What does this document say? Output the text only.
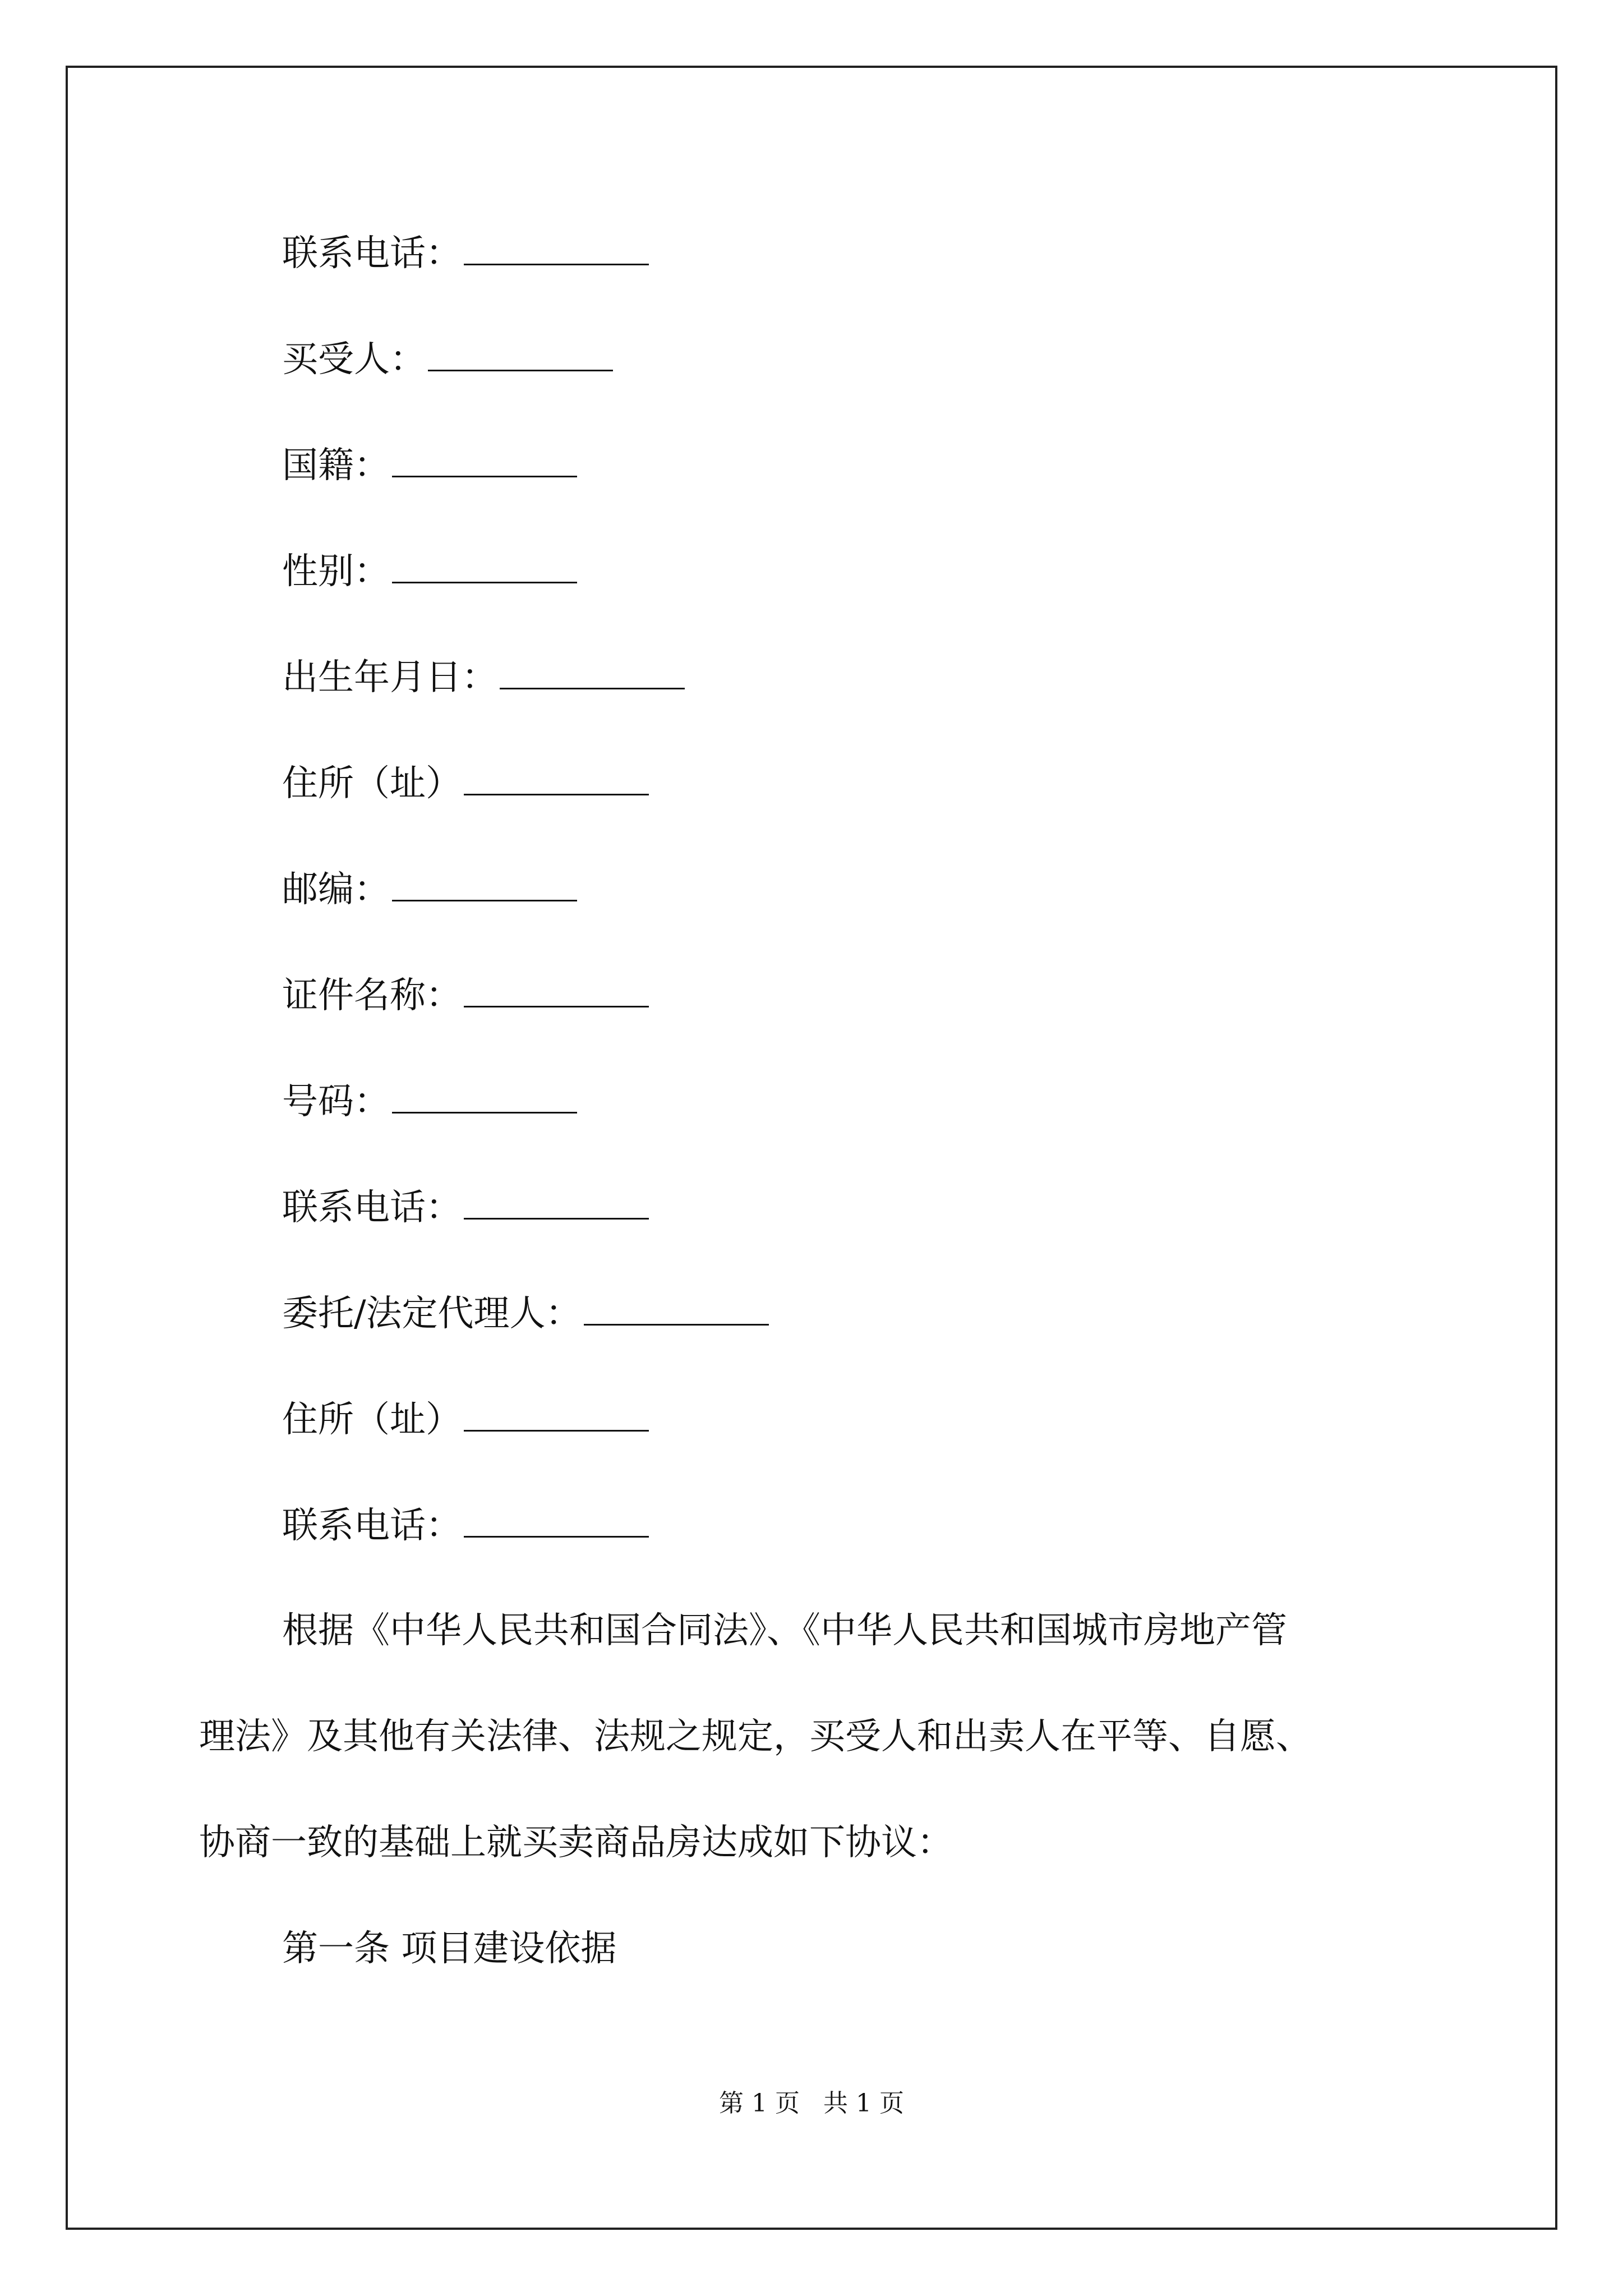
联系电话：
买受人：
国籍：
性别：
出生年月日：
住所（址）
邮编：
证件名称：
号码：
联系电话：
委托/法定代理人：
住所（址）
联系电话：
根据《中华人民共和国合同法》、《中华人民共和国城市房地产管
理法》及其他有关法律、法规之规定，买受人和出卖人在平等、自愿、
协商一致的基础上就买卖商品房达成如下协议：
第一条 项目建设依据
第 1 页   共 1 页
